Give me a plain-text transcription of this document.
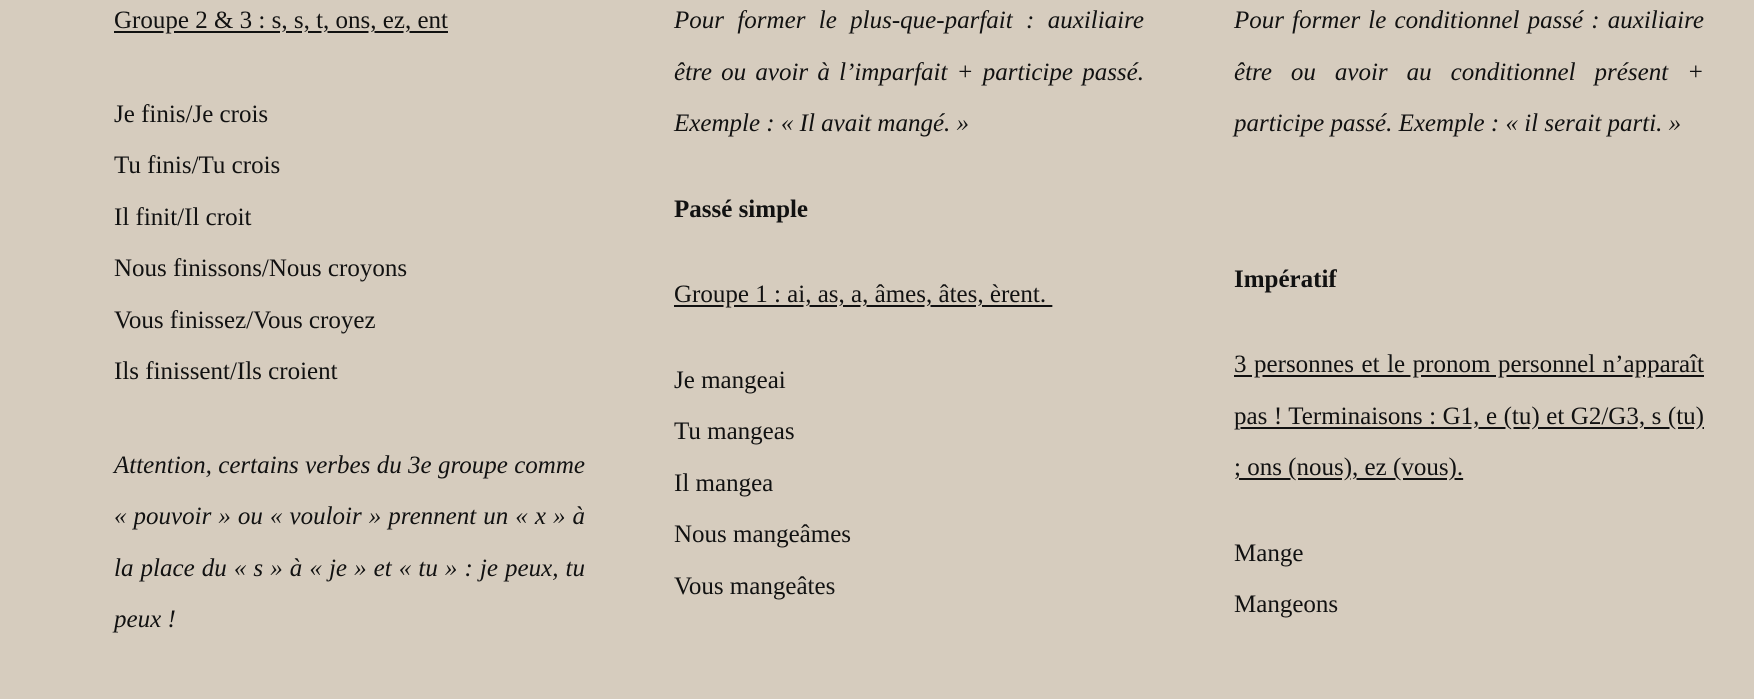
Groupe 2 & 3 : s, s, t, ons, ez, ent
Je finis/Je crois
Tu finis/Tu crois
Il finit/Il croit
Nous finissons/Nous croyons
Vous finissez/Vous croyez
Ils finissent/Ils croient

Attention, certains verbes du 3e groupe comme « pouvoir » ou « vouloir » prennent un « x » à la place du « s » à « je » et « tu » : je peux, tu peux !

Pour former le plus-que-parfait : auxiliaire être ou avoir à l’imparfait + participe passé. Exemple : « Il avait mangé. »

Passé simple
Groupe 1 : ai, as, a, âmes, âtes, èrent.
Je mangeai
Tu mangeas
Il mangea
Nous mangeâmes
Vous mangeâtes

Pour former le conditionnel passé : auxiliaire être ou avoir au conditionnel présent + participe passé. Exemple : « il serait parti. »

Impératif

3 personnes et le pronom personnel n’apparaît pas ! Terminaisons : G1, e (tu) et G2/G3, s (tu) ; ons (nous), ez (vous).

Mange
Mangeons
